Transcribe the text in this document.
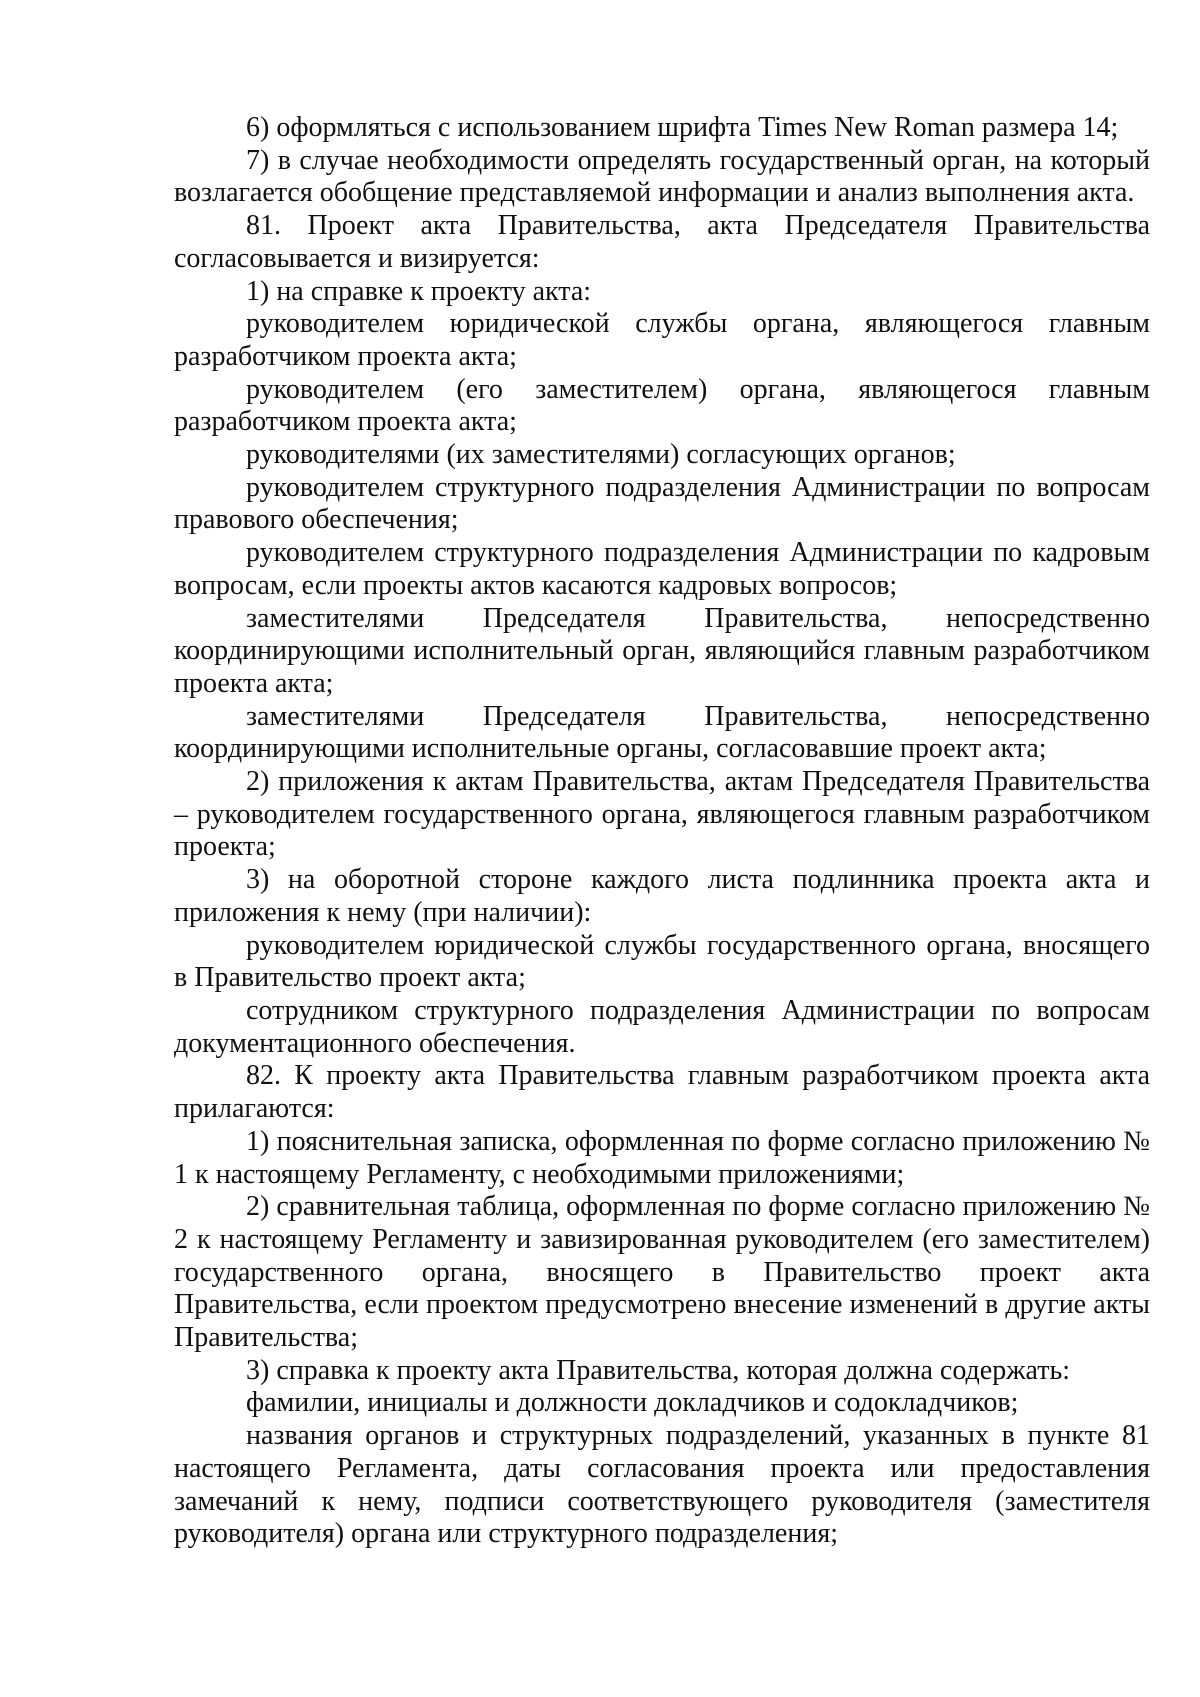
6) оформляться с использованием шрифта Times New Roman размера 14;

7) в случае необходимости определять государственный орган, на который возлагается обобщение представляемой информации и анализ выполнения акта.

81. Проект акта Правительства, акта Председателя Правительства согласовывается и визируется:

1) на справке к проекту акта:

руководителем юридической службы органа, являющегося главным разработчиком проекта акта;

руководителем (его заместителем) органа, являющегося главным разработчиком проекта акта;

руководителями (их заместителями) согласующих органов;

руководителем структурного подразделения Администрации по вопросам правового обеспечения;

руководителем структурного подразделения Администрации по кадровым вопросам, если проекты актов касаются кадровых вопросов;

заместителями Председателя Правительства, непосредственно координирующими исполнительный орган, являющийся главным разработчиком проекта акта;

заместителями Председателя Правительства, непосредственно координирующими исполнительные органы, согласовавшие проект акта;

2) приложения к актам Правительства, актам Председателя Правительства – руководителем государственного органа, являющегося главным разработчиком проекта;

3) на оборотной стороне каждого листа подлинника проекта акта и приложения к нему (при наличии):

руководителем юридической службы государственного органа, вносящего в Правительство проект акта;

сотрудником структурного подразделения Администрации по вопросам документационного обеспечения.

82. К проекту акта Правительства главным разработчиком проекта акта прилагаются:

1) пояснительная записка, оформленная по форме согласно приложению № 1 к настоящему Регламенту, с необходимыми приложениями;

2) сравнительная таблица, оформленная по форме согласно приложению № 2 к настоящему Регламенту и завизированная руководителем (его заместителем) государственного органа, вносящего в Правительство проект акта Правительства, если проектом предусмотрено внесение изменений в другие акты Правительства;

3) справка к проекту акта Правительства, которая должна содержать:

фамилии, инициалы и должности докладчиков и содокладчиков;

названия органов и структурных подразделений, указанных в пункте 81 настоящего Регламента, даты согласования проекта или предоставления замечаний к нему, подписи соответствующего руководителя (заместителя руководителя) органа или структурного подразделения;
